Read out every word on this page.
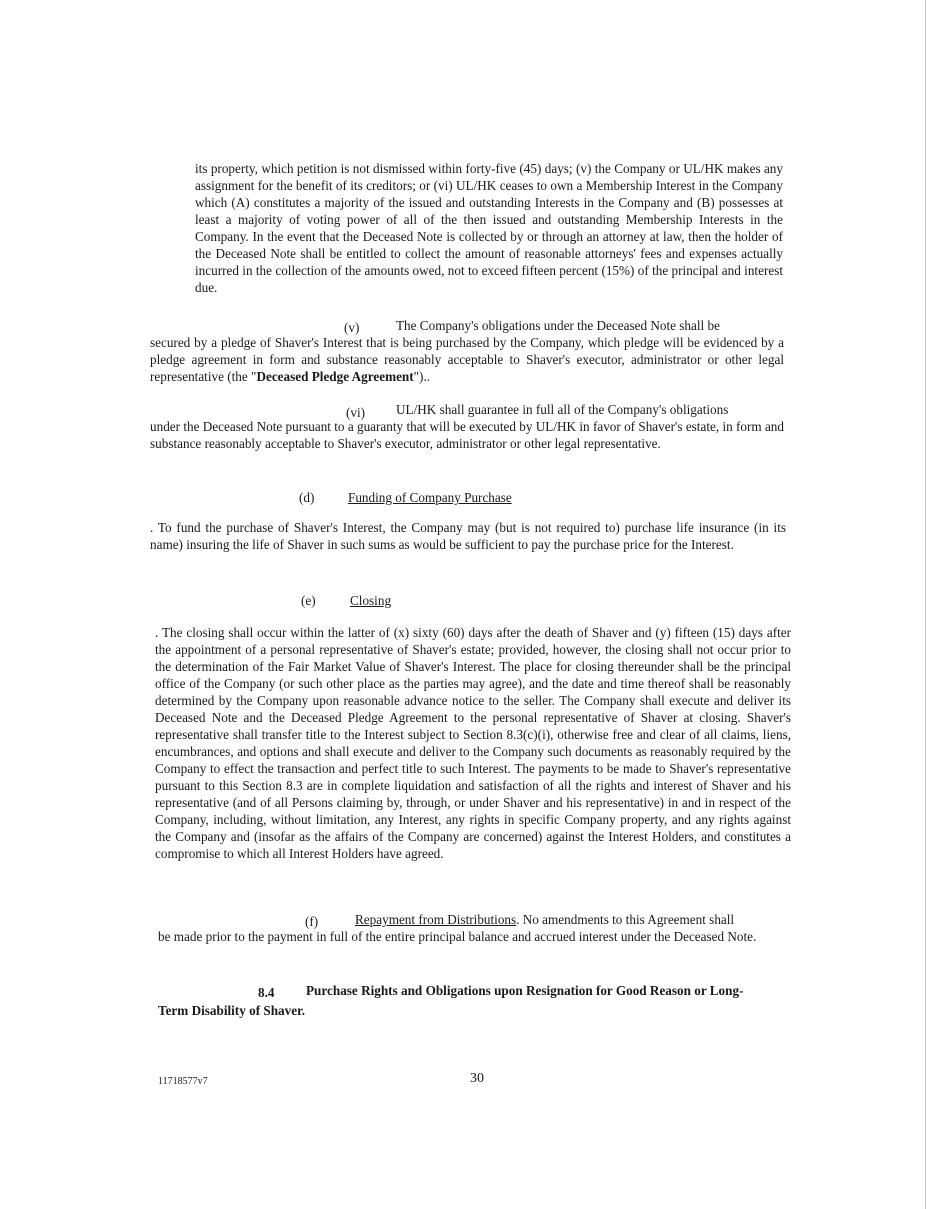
its property, which petition is not dismissed within forty-five (45) days; (v) the Company or UL/HK makes any assignment for the benefit of its creditors; or (vi) UL/HK ceases to own a Membership Interest in the Company which (A) constitutes a majority of the issued and outstanding Interests in the Company and (B) possesses at least a majority of voting power of all of the then issued and outstanding Membership Interests in the Company. In the event that the Deceased Note is collected by or through an attorney at law, then the holder of the Deceased Note shall be entitled to collect the amount of reasonable attorneys' fees and expenses actually incurred in the collection of the amounts owed, not to exceed fifteen percent (15%) of the principal and interest due.
(v)	The Company's obligations under the Deceased Note shall be
secured by a pledge of Shaver's Interest that is being purchased by the Company, which pledge will be evidenced by a pledge agreement in form and substance reasonably acceptable to Shaver's executor, administrator or other legal representative (the "Deceased Pledge Agreement")..
(vi) UL/HK shall guarantee in full all of the Company's obligations
under the Deceased Note pursuant to a guaranty that will be executed by UL/HK in favor of Shaver's estate, in form and substance reasonably acceptable to Shaver's executor, administrator or other legal representative.
(d)	Funding of Company Purchase
. To fund the purchase of Shaver's Interest, the Company may (but is not required to) purchase life insurance (in its name) insuring the life of Shaver in such sums as would be sufficient to pay the purchase price for the Interest.
(e)	Closing
. The closing shall occur within the latter of (x) sixty (60) days after the death of Shaver and (y) fifteen (15) days after the appointment of a personal representative of Shaver's estate; provided, however, the closing shall not occur prior to the determination of the Fair Market Value of Shaver's Interest. The place for closing thereunder shall be the principal office of the Company (or such other place as the parties may agree), and the date and time thereof shall be reasonably determined by the Company upon reasonable advance notice to the seller. The Company shall execute and deliver its Deceased Note and the Deceased Pledge Agreement to the personal representative of Shaver at closing. Shaver's representative shall transfer title to the Interest subject to Section 8.3(c)(i), otherwise free and clear of all claims, liens, encumbrances, and options and shall execute and deliver to the Company such documents as reasonably required by the Company to effect the transaction and perfect title to such Interest. The payments to be made to Shaver's representative pursuant to this Section 8.3 are in complete liquidation and satisfaction of all the rights and interest of Shaver and his representative (and of all Persons claiming by, through, or under Shaver and his representative) in and in respect of the Company, including, without limitation, any Interest, any rights in specific Company property, and any rights against the Company and (insofar as the affairs of the Company are concerned) against the Interest Holders, and constitutes a compromise to which all Interest Holders have agreed.
(f)	Repayment from Distributions. No amendments to this Agreement shall
be made prior to the payment in full of the entire principal balance and accrued interest under the Deceased Note.
8.4 Purchase Rights and Obligations upon Resignation for Good Reason or Long-
Term Disability of Shaver.
11718577v7	30
